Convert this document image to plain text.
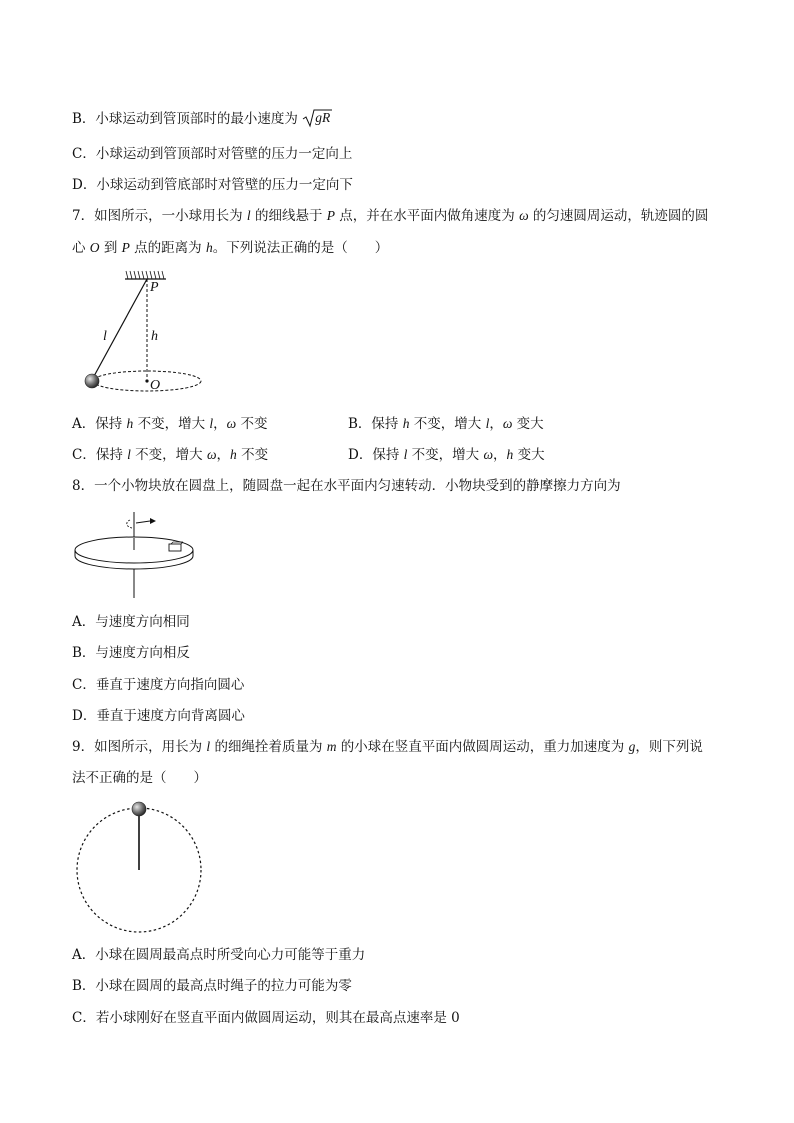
B．小球运动到管顶部时的最小速度为 gR
C．小球运动到管顶部时对管壁的压力一定向上
D．小球运动到管底部时对管壁的压力一定向下
7．如图所示，一小球用长为 l 的细线悬于 P 点，并在水平面内做角速度为 ω 的匀速圆周运动，轨迹圆的圆
心 O 到 P 点的距离为 h。下列说法正确的是（　　）
P
l	h
O
A．保持 h 不变，增大 l，ω 不变	B．保持 h 不变，增大 l，ω 变大
C．保持 l 不变，增大 ω，h 不变	D．保持 l 不变，增大 ω，h 变大
8．一个小物块放在圆盘上，随圆盘一起在水平面内匀速转动．小物块受到的静摩擦力方向为
A．与速度方向相同
B．与速度方向相反
C．垂直于速度方向指向圆心
D．垂直于速度方向背离圆心
9．如图所示，用长为 l 的细绳拴着质量为 m 的小球在竖直平面内做圆周运动，重力加速度为 g，则下列说
法不正确的是（　　）
A．小球在圆周最高点时所受向心力可能等于重力
B．小球在圆周的最高点时绳子的拉力可能为零
C．若小球刚好在竖直平面内做圆周运动，则其在最高点速率是 0
